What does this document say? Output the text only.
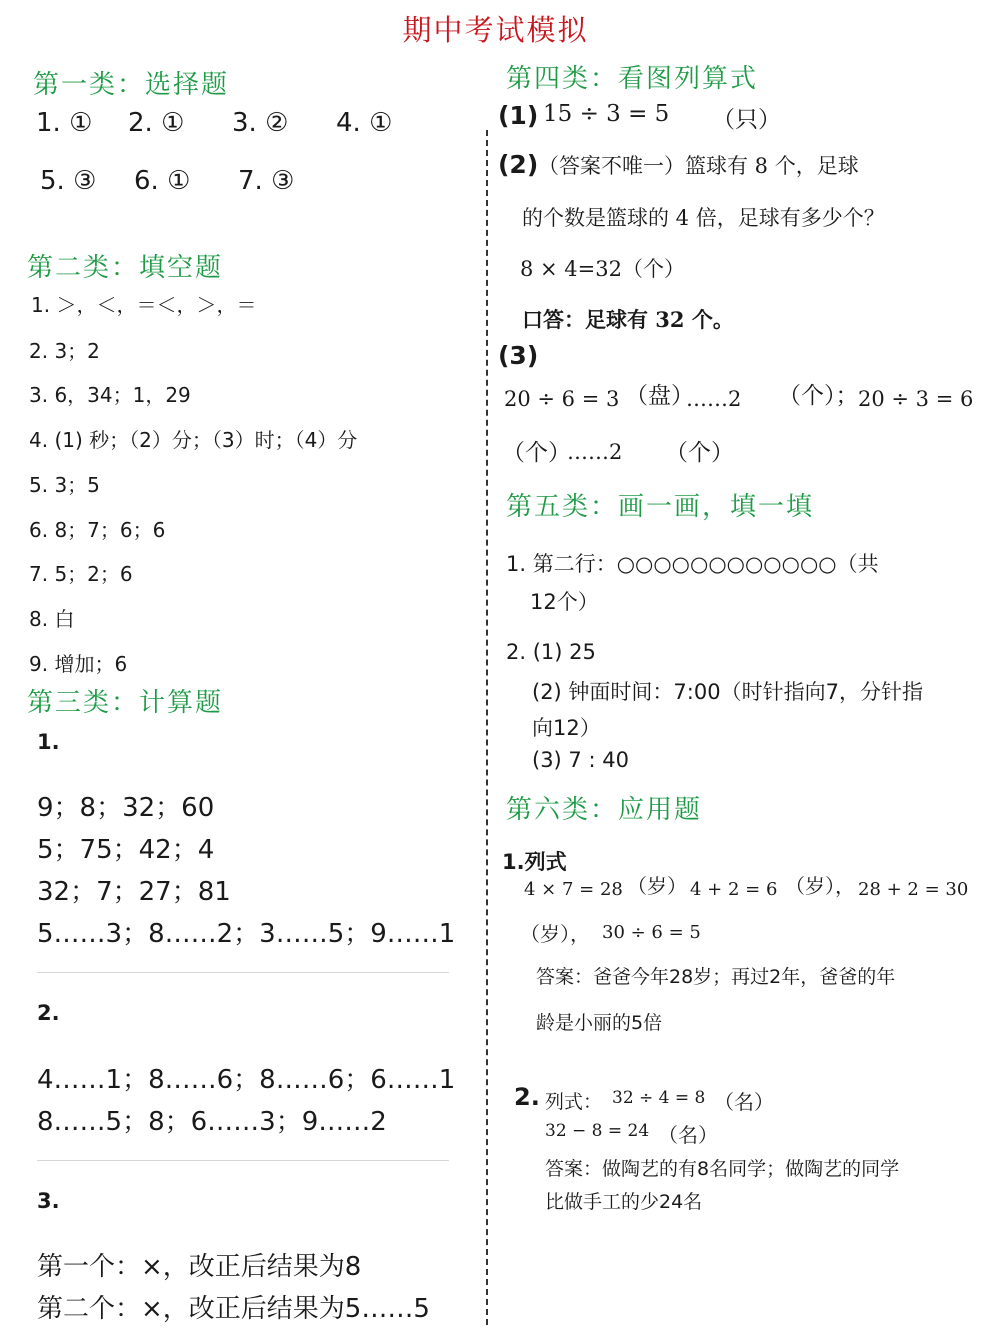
期中考试模拟
第一类：选择题
1. ① 2. ① 3. ② 4. ①
5. ③ 6. ① 7. ③
第二类：填空题
1. ＞，＜，＝＜，＞，＝
2. 3；2
3. 6，34；1，29
4. (1) 秒；（2）分；（3）时；（4）分
5. 3；5
6. 8；7；6；6
7. 5；2；6
8. 白
9. 增加；6
第三类：计算题
1.
9；8；32；60
5；75；42；4
32；7；27；81
5……3；8……2；3……5；9……1
2.
4……1；8……6；8……6；6……1
8……5；8；6……3；9……2
3.
第一个：×，改正后结果为8
第二个：×，改正后结果为5……5
第四类：看图列算式
(1) 15 ÷ 3 = 5 （只）
(2) （答案不唯一）篮球有 8 个，足球
的个数是篮球的 4 倍，足球有多少个？
8 × 4=32（个）
口答：足球有 32 个。
(3)
20 ÷ 6 = 3 （盘）
……2 （个）； 20 ÷ 3 = 6
（个）
……2 （个）
第五类：画一画，填一填
1. 第二行：○○○○○○○○○○○○（共
12个）
2. (1) 25
(2) 钟面时间：7:00（时针指向7，分针指
向12）
(3) 7 : 40
第六类：应用题
1.列式
4 × 7 = 28 （岁） 4 + 2 = 6 （岁）， 28 + 2 = 30
（岁）， 30 ÷ 6 = 5
答案：爸爸今年28岁；再过2年，爸爸的年
龄是小丽的5倍
2. 列式： 32 ÷ 4 = 8 （名）
32 − 8 = 24 （名）
答案：做陶艺的有8名同学；做陶艺的同学
比做手工的少24名
